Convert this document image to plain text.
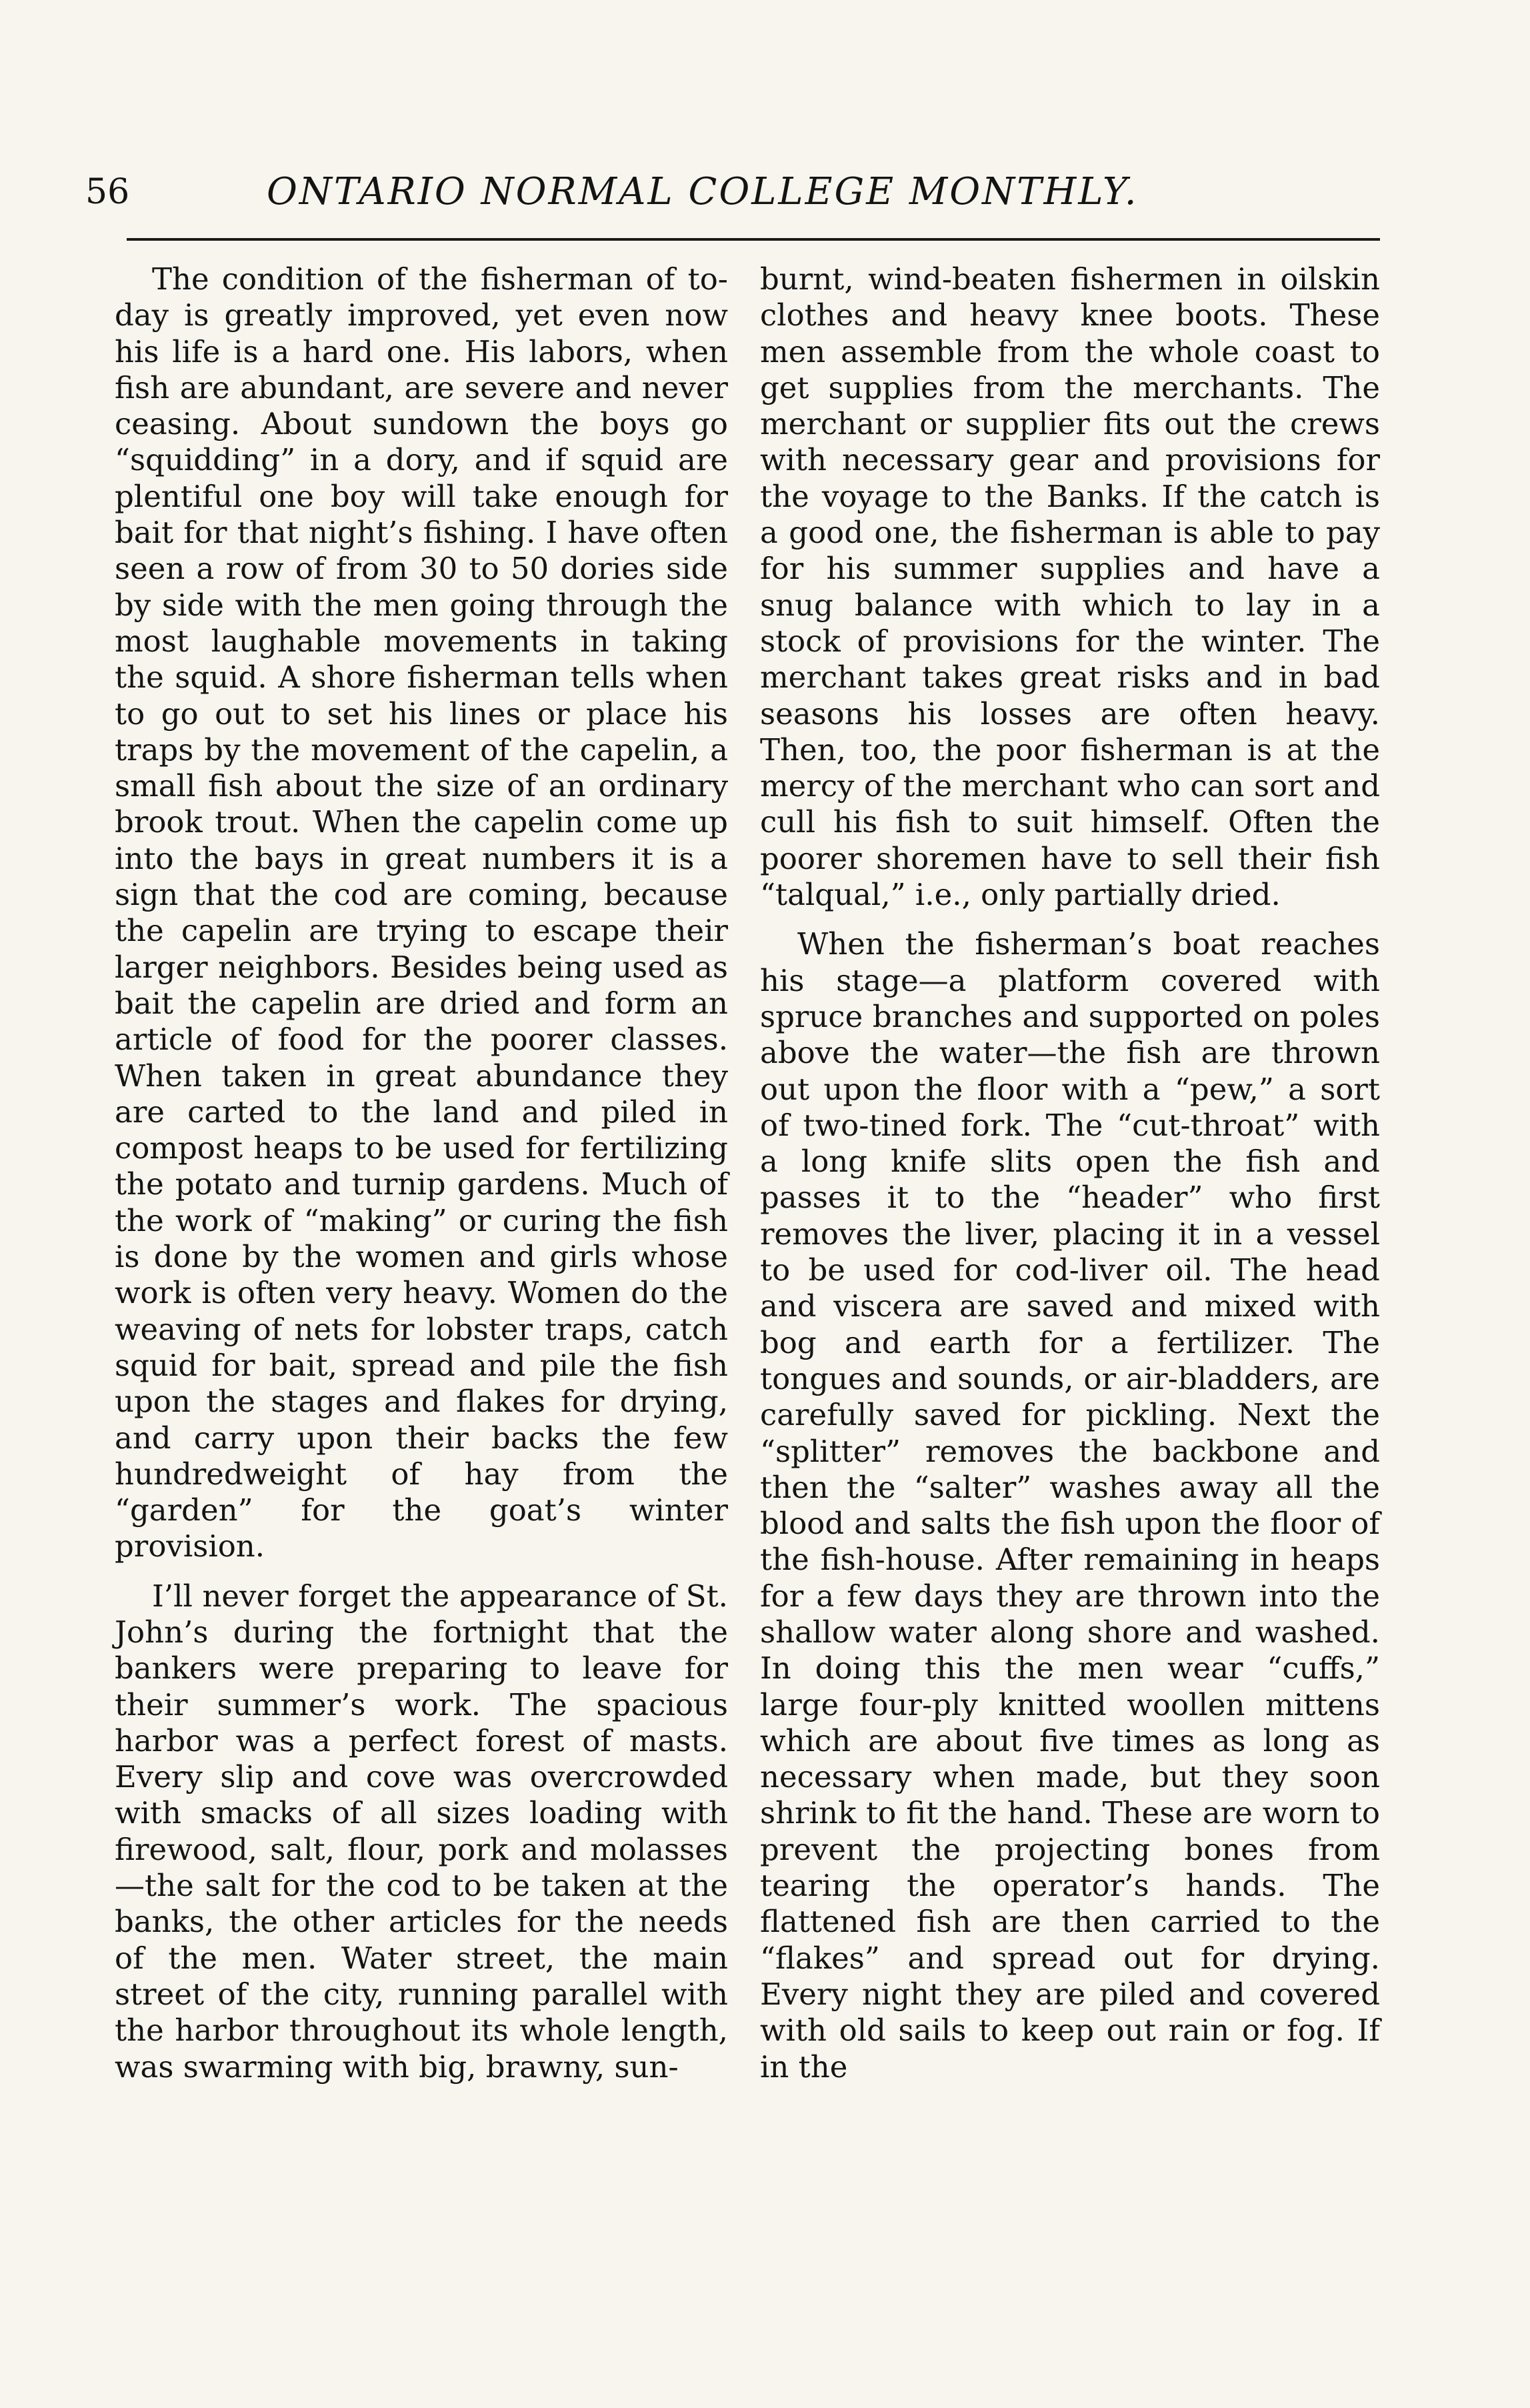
56	ONTARIO NORMAL COLLEGE MONTHLY.

The condition of the fisherman of to-day is greatly improved, yet even now his life is a hard one. His labors, when fish are abundant, are severe and never ceasing. About sundown the boys go “squidding” in a dory, and if squid are plentiful one boy will take enough for bait for that night’s fishing. I have often seen a row of from 30 to 50 dories side by side with the men going through the most laughable movements in taking the squid. A shore fisherman tells when to go out to set his lines or place his traps by the movement of the capelin, a small fish about the size of an ordinary brook trout. When the capelin come up into the bays in great numbers it is a sign that the cod are coming, because the capelin are trying to escape their larger neighbors. Besides being used as bait the capelin are dried and form an article of food for the poorer classes. When taken in great abundance they are carted to the land and piled in compost heaps to be used for fertilizing the potato and turnip gardens. Much of the work of “making” or curing the fish is done by the women and girls whose work is often very heavy. Women do the weaving of nets for lobster traps, catch squid for bait, spread and pile the fish upon the stages and flakes for drying, and carry upon their backs the few hundredweight of hay from the “garden” for the goat’s winter provision.

I’ll never forget the appearance of St. John’s during the fortnight that the bankers were preparing to leave for their summer’s work. The spacious harbor was a perfect forest of masts. Every slip and cove was overcrowded with smacks of all sizes loading with firewood, salt, flour, pork and molasses—the salt for the cod to be taken at the banks, the other articles for the needs of the men. Water street, the main street of the city, running parallel with the harbor throughout its whole length, was swarming with big, brawny, sun-

burnt, wind-beaten fishermen in oilskin clothes and heavy knee boots. These men assemble from the whole coast to get supplies from the merchants. The merchant or supplier fits out the crews with necessary gear and provisions for the voyage to the Banks. If the catch is a good one, the fisherman is able to pay for his summer supplies and have a snug balance with which to lay in a stock of provisions for the winter. The merchant takes great risks and in bad seasons his losses are often heavy. Then, too, the poor fisherman is at the mercy of the merchant who can sort and cull his fish to suit himself. Often the poorer shoremen have to sell their fish “talqual,” i.e., only partially dried.

When the fisherman’s boat reaches his stage—a platform covered with spruce branches and supported on poles above the water—the fish are thrown out upon the floor with a “pew,” a sort of two-tined fork. The “cut-throat” with a long knife slits open the fish and passes it to the “header” who first removes the liver, placing it in a vessel to be used for cod-liver oil. The head and viscera are saved and mixed with bog and earth for a fertilizer. The tongues and sounds, or air-bladders, are carefully saved for pickling. Next the “splitter” removes the backbone and then the “salter” washes away all the blood and salts the fish upon the floor of the fish-house. After remaining in heaps for a few days they are thrown into the shallow water along shore and washed. In doing this the men wear “cuffs,” large four-ply knitted woollen mittens which are about five times as long as necessary when made, but they soon shrink to fit the hand. These are worn to prevent the projecting bones from tearing the operator’s hands. The flattened fish are then carried to the “flakes” and spread out for drying. Every night they are piled and covered with old sails to keep out rain or fog. If in the
